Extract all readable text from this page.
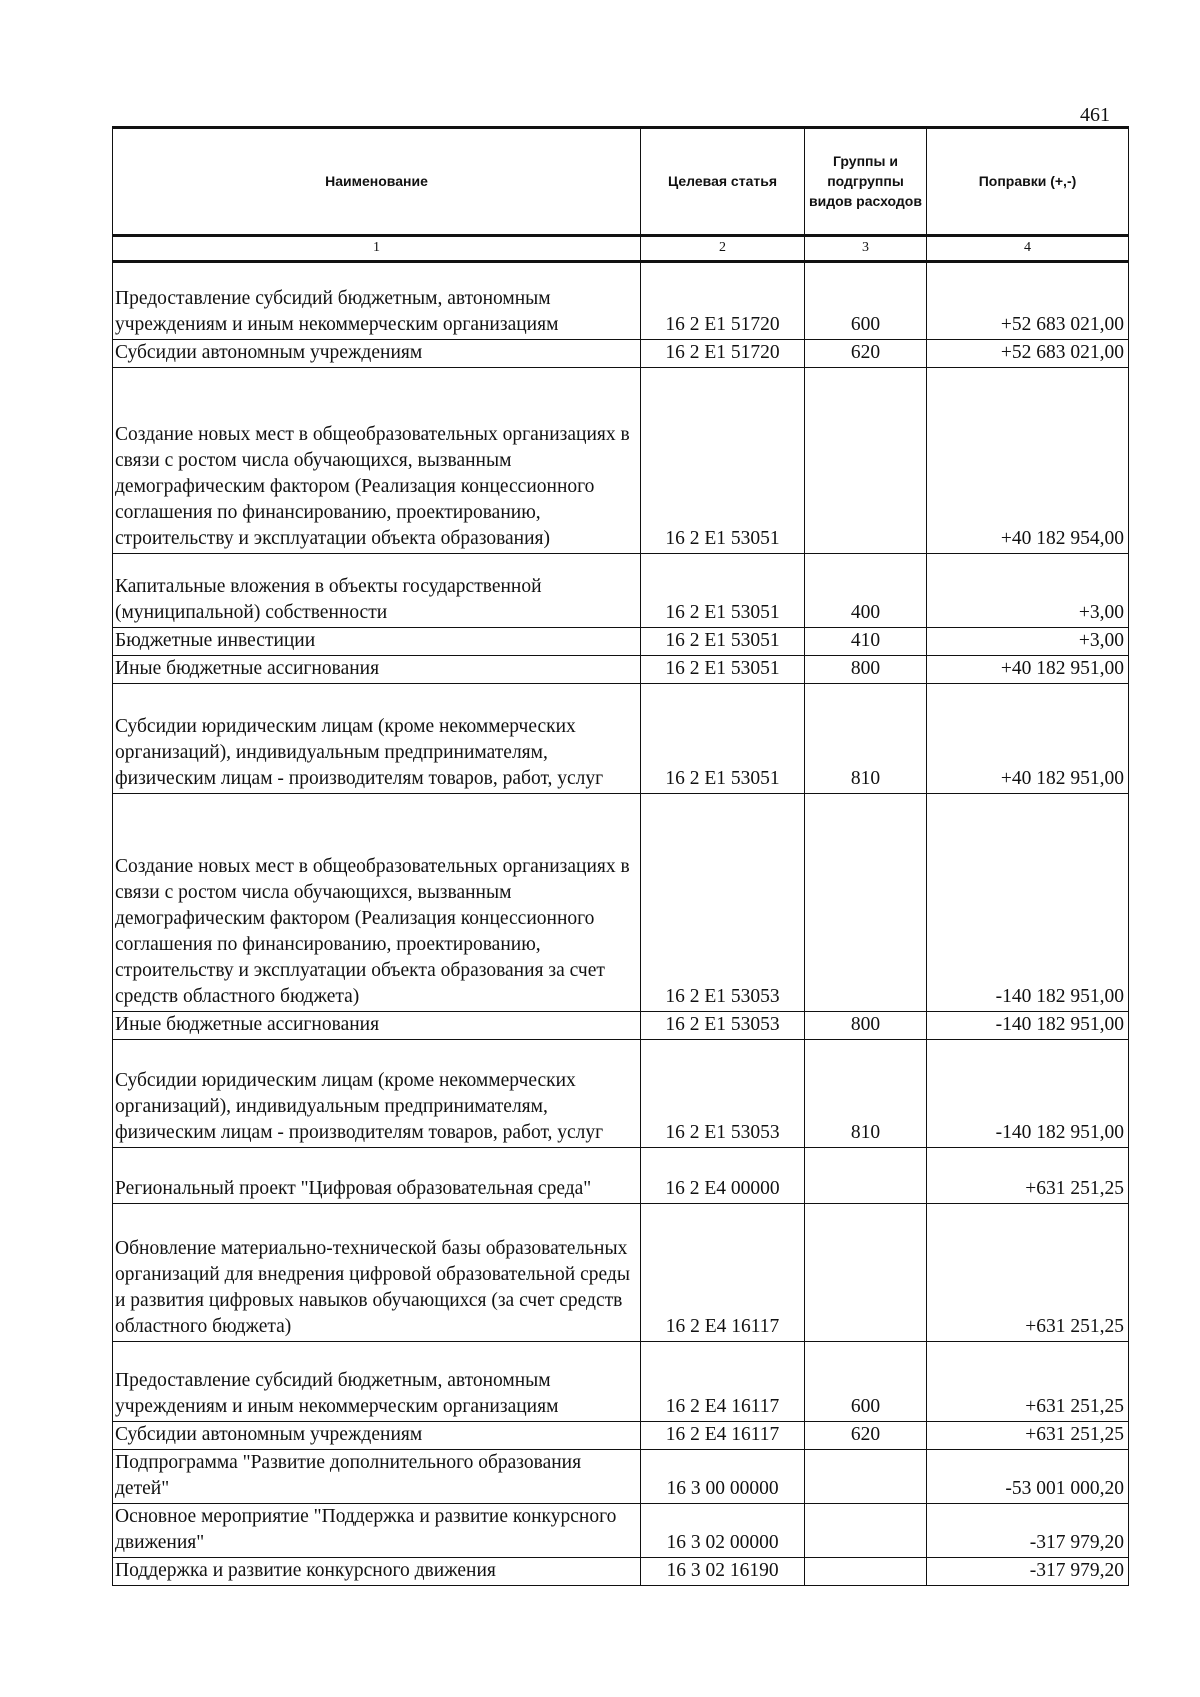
461
Наименование	Целевая статья	Группы и подгруппы видов расходов	Поправки (+,-)
1	2	3	4
Предоставление субсидий бюджетным, автономным учреждениям и иным некоммерческим организациям	16 2 E1 51720	600	+52 683 021,00
Субсидии автономным учреждениям	16 2 E1 51720	620	+52 683 021,00
Создание новых мест в общеобразовательных организациях в связи с ростом числа обучающихся, вызванным демографическим фактором (Реализация концессионного соглашения по финансированию, проектированию, строительству и эксплуатации объекта образования)	16 2 E1 53051		+40 182 954,00
Капитальные вложения в объекты государственной (муниципальной) собственности	16 2 E1 53051	400	+3,00
Бюджетные инвестиции	16 2 E1 53051	410	+3,00
Иные бюджетные ассигнования	16 2 E1 53051	800	+40 182 951,00
Субсидии юридическим лицам (кроме некоммерческих организаций), индивидуальным предпринимателям, физическим лицам - производителям товаров, работ, услуг	16 2 E1 53051	810	+40 182 951,00
Создание новых мест в общеобразовательных организациях в связи с ростом числа обучающихся, вызванным демографическим фактором (Реализация концессионного соглашения по финансированию, проектированию, строительству и эксплуатации объекта образования за счет средств областного бюджета)	16 2 E1 53053		-140 182 951,00
Иные бюджетные ассигнования	16 2 E1 53053	800	-140 182 951,00
Субсидии юридическим лицам (кроме некоммерческих организаций), индивидуальным предпринимателям, физическим лицам - производителям товаров, работ, услуг	16 2 E1 53053	810	-140 182 951,00
Региональный проект "Цифровая образовательная среда"	16 2 E4 00000		+631 251,25
Обновление материально-технической базы образовательных организаций для внедрения цифровой образовательной среды и развития цифровых навыков обучающихся (за счет средств областного бюджета)	16 2 E4 16117		+631 251,25
Предоставление субсидий бюджетным, автономным учреждениям и иным некоммерческим организациям	16 2 E4 16117	600	+631 251,25
Субсидии автономным учреждениям	16 2 E4 16117	620	+631 251,25
Подпрограмма "Развитие дополнительного образования детей"	16 3 00 00000		-53 001 000,20
Основное мероприятие "Поддержка и развитие конкурсного движения"	16 3 02 00000		-317 979,20
Поддержка и развитие конкурсного движения	16 3 02 16190		-317 979,20
